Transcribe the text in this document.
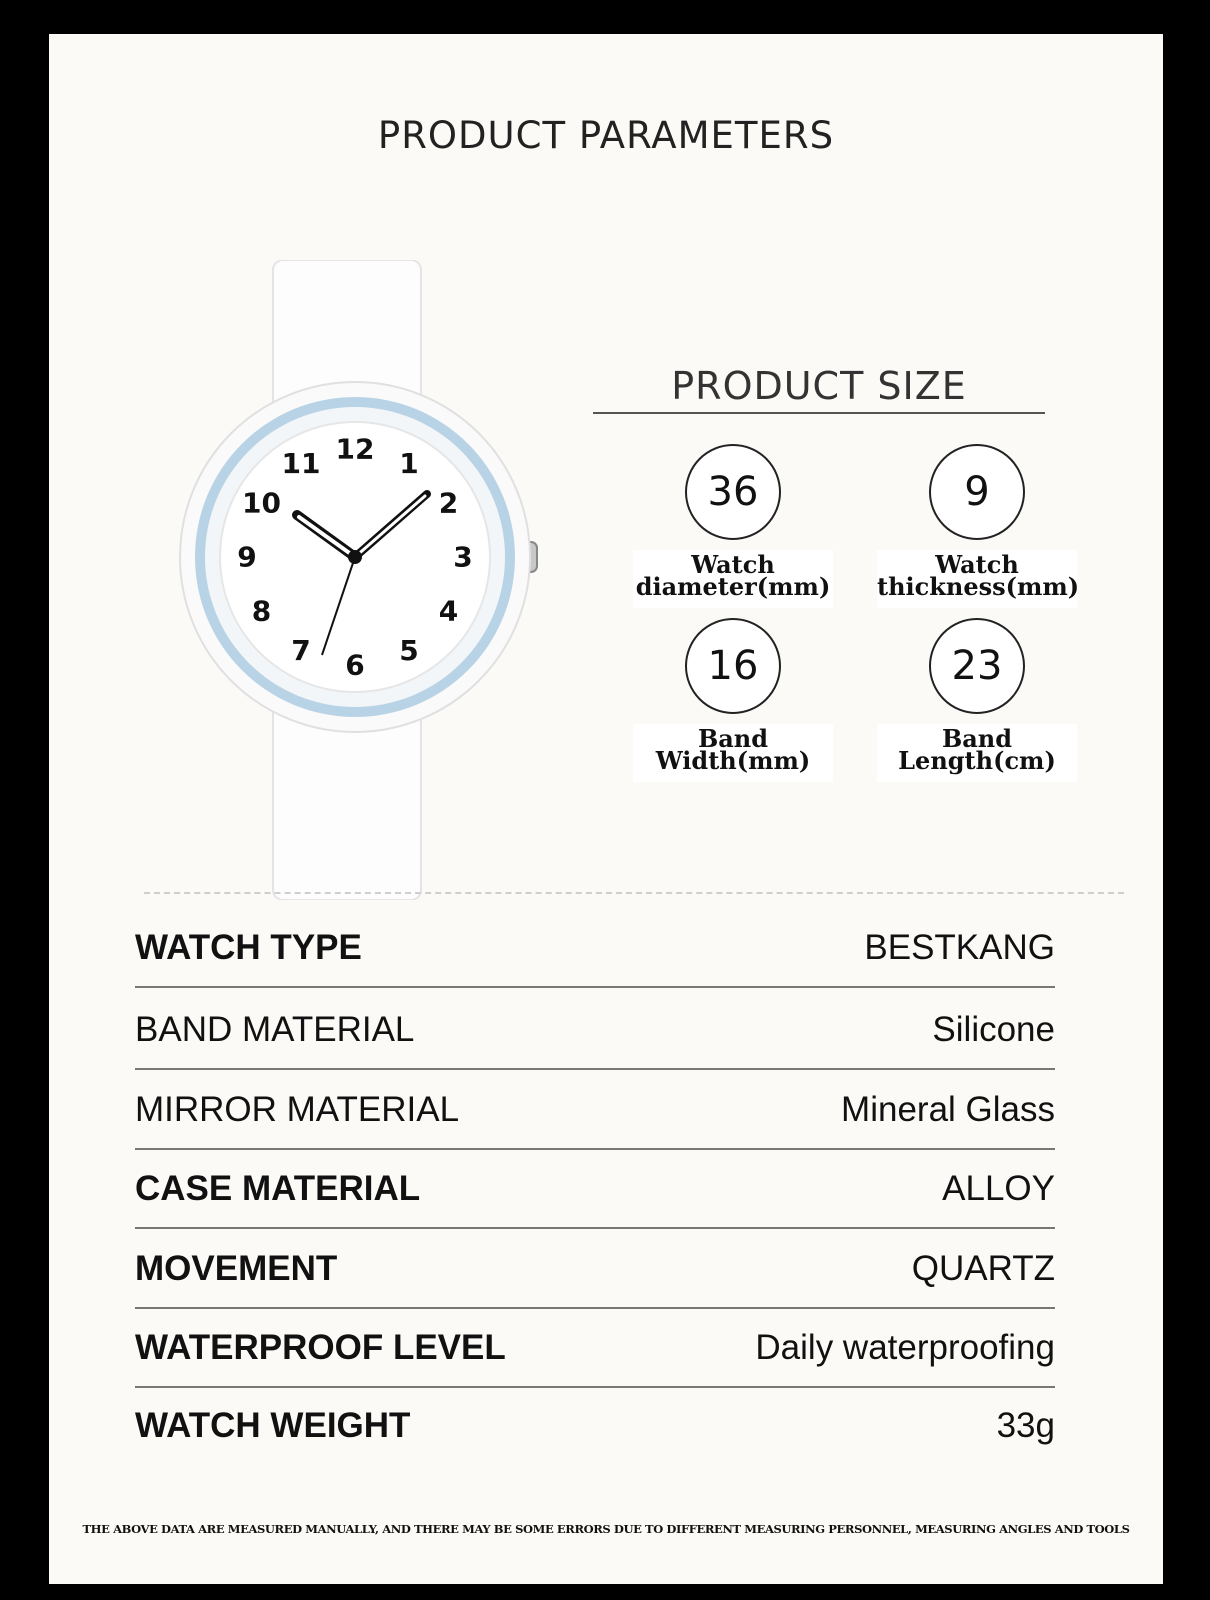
PRODUCT PARAMETERS
12 1
2
3
4
5
6
7
8
9
10
11
PRODUCT SIZE
36
Watch
diameter(mm)
9
Watch
thickness(mm)
16
Band
Width(mm)
23
Band
Length(cm)
WATCH TYPE	BESTKANG
BAND MATERIAL	Silicone
MIRROR MATERIAL	Mineral Glass
CASE MATERIAL	ALLOY
MOVEMENT	QUARTZ
WATERPROOF LEVEL	Daily waterproofing
WATCH WEIGHT	33g
THE ABOVE DATA ARE MEASURED MANUALLY, AND THERE MAY BE SOME ERRORS DUE TO DIFFERENT MEASURING PERSONNEL, MEASURING ANGLES AND TOOLS
